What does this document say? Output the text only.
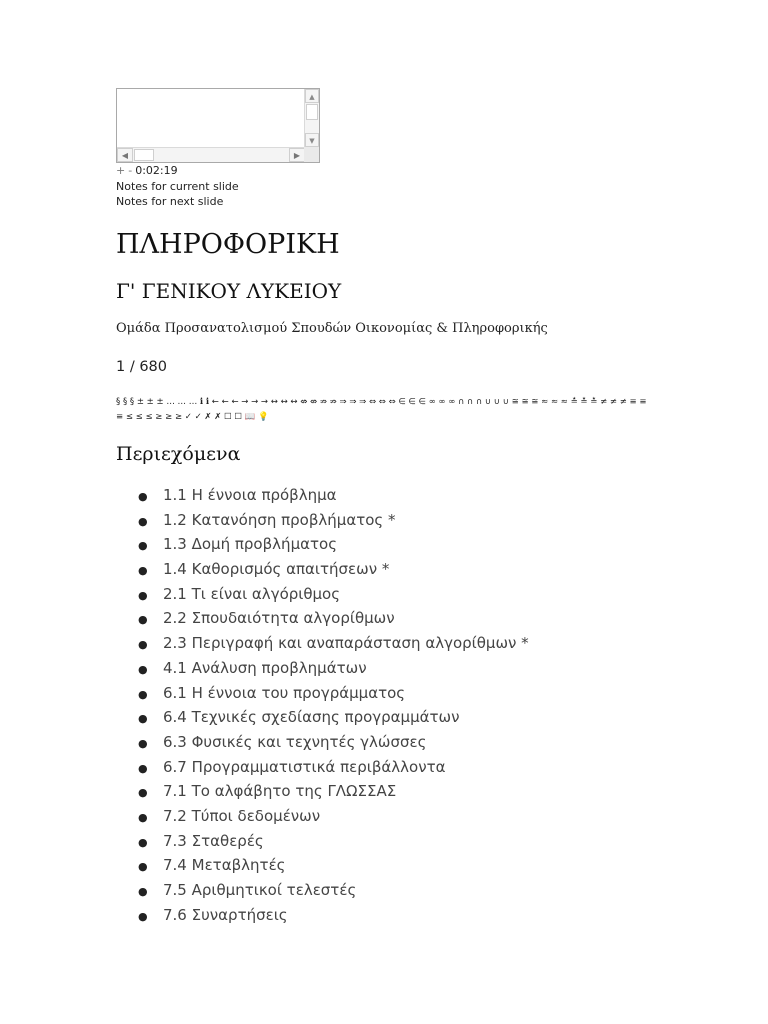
▲
▼
◀	▶
+ - 0:02:19
Notes for current slide
Notes for next slide
ΠΛΗΡΟΦΟΡΙΚΗ
Γ' ΓΕΝΙΚΟΥ ΛΥΚΕΙΟΥ
Ομάδα Προσανατολισμού Σπουδών Οικονομίας & Πληροφορικής
1 / 680
§ § § ± ± ± … … … ℹ ℹ ← ← ← → → → ↔ ↔ ↔ ⇎ ⇎ ⇏ ⇏ ⇒ ⇒ ⇒ ⇔ ⇔ ⇔ ∈ ∈ ∈ ∞ ∞ ∞ ∩ ∩ ∩ ∪ ∪ ∪ ≅ ≅ ≅ ≈ ≈ ≈ ≛ ≛ ≛ ≠ ≠ ≠ ≡ ≡ ≡ ≤ ≤ ≤ ≥ ≥ ≥ ✓ ✓ ✗ ✗ ☐ ☐ 📖 💡
Περιεχόμενα
● 1.1 Η έννοια πρόβλημα
● 1.2 Κατανόηση προβλήματος *
● 1.3 Δομή προβλήματος
● 1.4 Καθορισμός απαιτήσεων *
● 2.1 Τι είναι αλγόριθμος
● 2.2 Σπουδαιότητα αλγορίθμων
● 2.3 Περιγραφή και αναπαράσταση αλγορίθμων *
● 4.1 Ανάλυση προβλημάτων
● 6.1 Η έννοια του προγράμματος
● 6.4 Τεχνικές σχεδίασης προγραμμάτων
● 6.3 Φυσικές και τεχνητές γλώσσες
● 6.7 Προγραμματιστικά περιβάλλοντα
● 7.1 Το αλφάβητο της ΓΛΩΣΣΑΣ
● 7.2 Τύποι δεδομένων
● 7.3 Σταθερές
● 7.4 Μεταβλητές
● 7.5 Αριθμητικοί τελεστές
● 7.6 Συναρτήσεις
